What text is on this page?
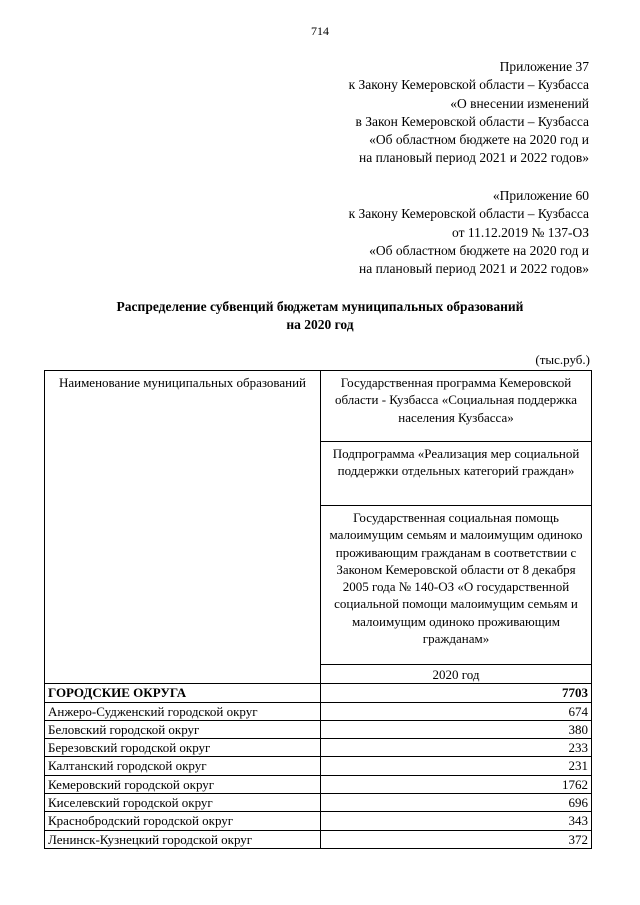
714
Приложение 37
к Закону Кемеровской области – Кузбасса
«О внесении изменений
в Закон Кемеровской области – Кузбасса
«Об областном бюджете на 2020 год и
на плановый период 2021 и 2022 годов»
«Приложение 60
к Закону Кемеровской области – Кузбасса
от 11.12.2019 № 137-ОЗ
«Об областном бюджете на 2020 год и
на плановый период 2021 и 2022 годов»
Распределение субвенций бюджетам муниципальных образований
на 2020 год
(тыс.руб.)
Наименование муниципальных образований	Государственная программа Кемеровской области - Кузбасса «Социальная поддержка населения Кузбасса»
	Подпрограмма «Реализация мер социальной поддержки отдельных категорий граждан»
	Государственная социальная помощь малоимущим семьям и малоимущим одиноко проживающим гражданам в соответствии с Законом Кемеровской области от 8 декабря 2005 года № 140-ОЗ «О государственной социальной помощи малоимущим семьям и малоимущим одиноко проживающим гражданам»
	2020 год
ГОРОДСКИЕ ОКРУГА	7703
Анжеро-Судженский городской округ	674
Беловский городской округ	380
Березовский городской округ	233
Калтанский городской округ	231
Кемеровский городской округ	1762
Киселевский городской округ	696
Краснобродский городской округ	343
Ленинск-Кузнецкий городской округ	372
